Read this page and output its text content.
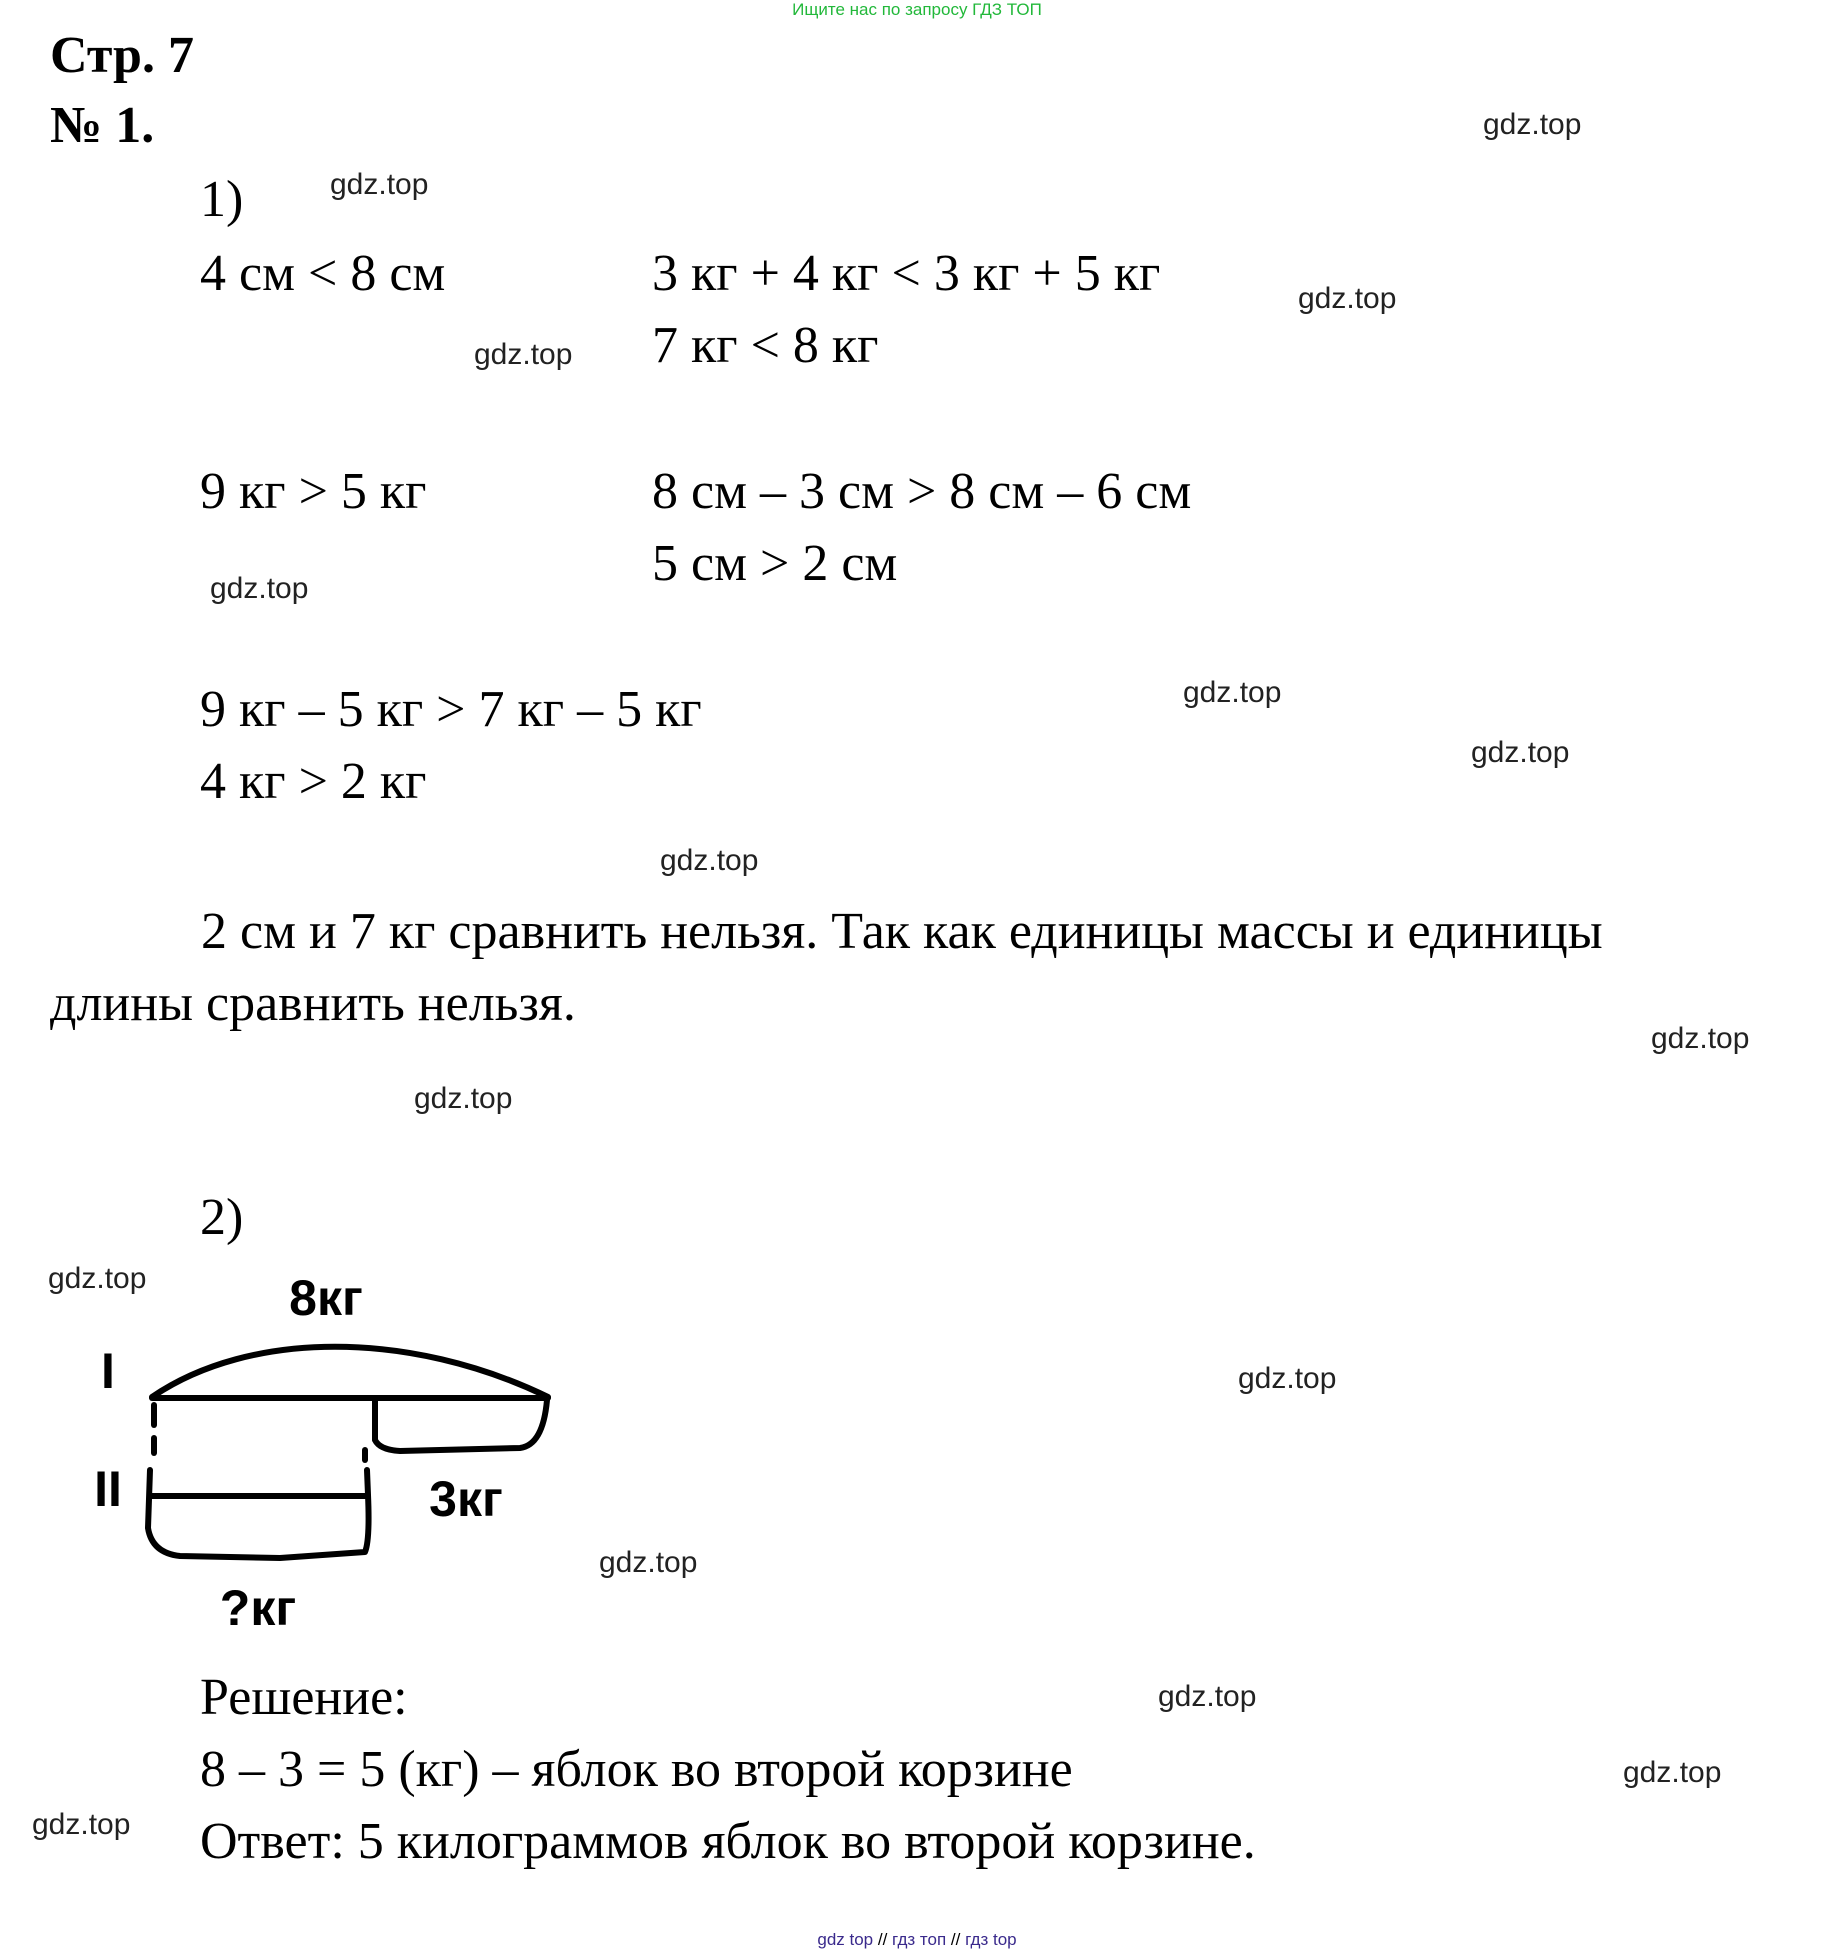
Ищите нас по запросу ГДЗ ТОП
Стр. 7
№ 1.
1)
4 см < 8 см	3 кг + 4 кг < 3 кг + 5 кг
7 кг < 8 кг
9 кг > 5 кг	8 см – 3 см > 8 см – 6 см
5 см > 2 см
9 кг – 5 кг > 7 кг – 5 кг
4 кг > 2 кг
2 см и 7 кг сравнить нельзя. Так как единицы массы и единицы
длины сравнить нельзя.
2)
8кг
I
II	3кг
?кг
Решение:
8 – 3 = 5 (кг) – яблок во второй корзине
Ответ: 5 килограммов яблок во второй корзине.
gdz.top
gdz.top
gdz.top
gdz.top
gdz.top
gdz.top
gdz.top
gdz.top
gdz.top
gdz.top
gdz.top
gdz.top
gdz.top
gdz.top
gdz.top
gdz.top
gdz top // гдз топ // гдз top
